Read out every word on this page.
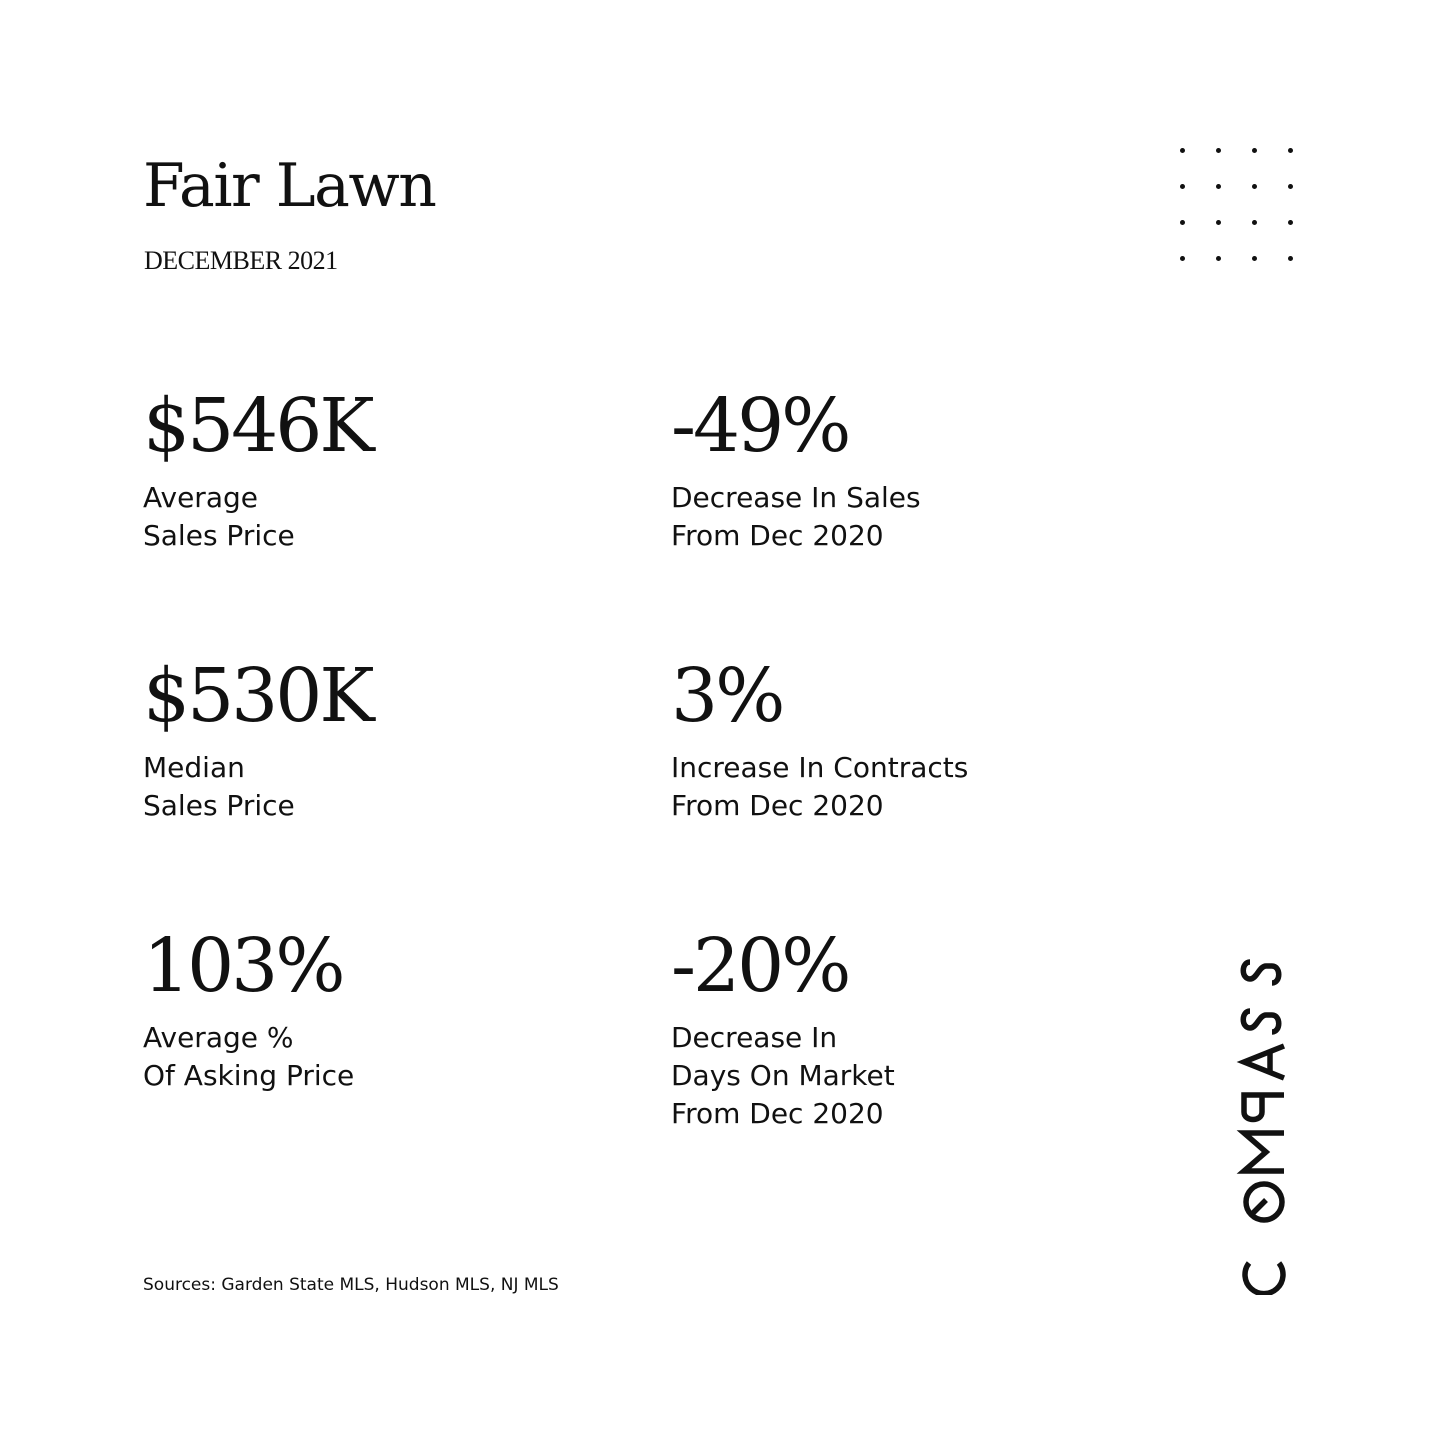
Fair Lawn
DECEMBER 2021
$546K
Average
Sales Price
-49%
Decrease In Sales
From Dec 2020
$530K
Median
Sales Price
3%
Increase In Contracts
From Dec 2020
103%
Average %
Of Asking Price
-20%
Decrease In
Days On Market
From Dec 2020
Sources: Garden State MLS, Hudson MLS, NJ MLS
